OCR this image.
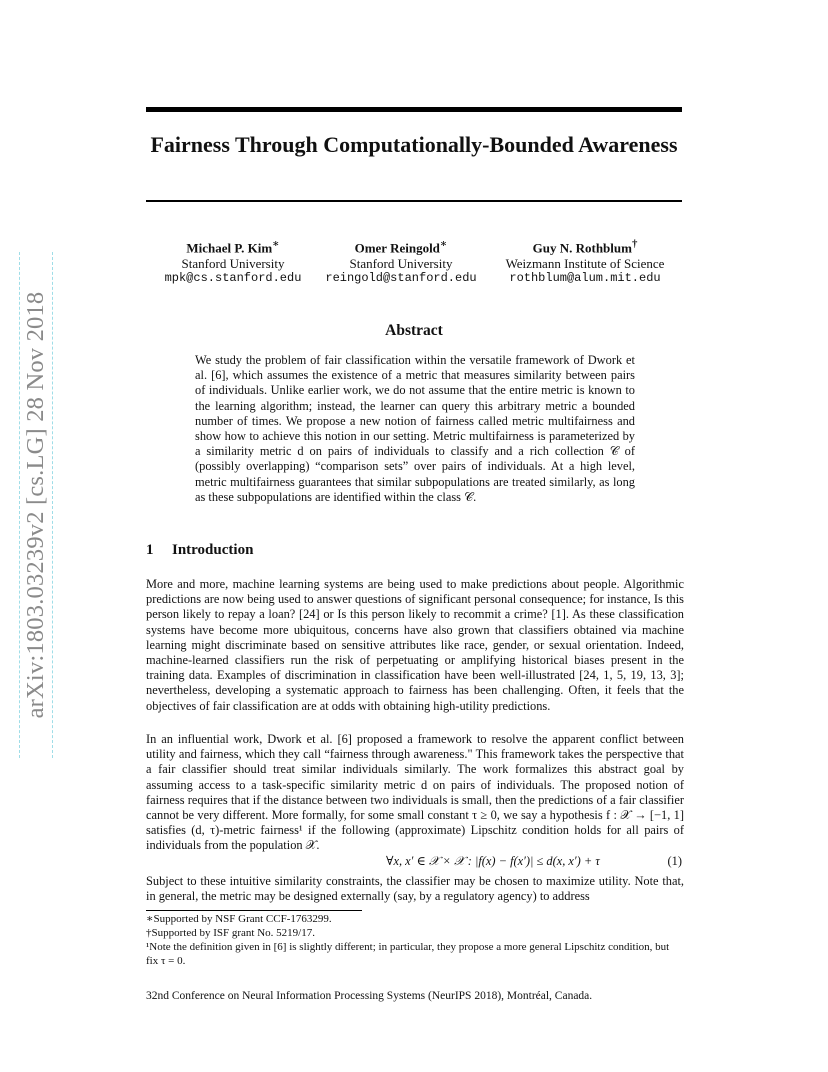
arXiv:1803.03239v2 [cs.LG] 28 Nov 2018
Fairness Through Computationally-Bounded Awareness
Michael P. Kim∗
Stanford University
mpk@cs.stanford.edu
Omer Reingold∗
Stanford University
reingold@stanford.edu
Guy N. Rothblum†
Weizmann Institute of Science
rothblum@alum.mit.edu
Abstract
We study the problem of fair classification within the versatile framework of Dwork et al. [6], which assumes the existence of a metric that measures similarity between pairs of individuals. Unlike earlier work, we do not assume that the entire metric is known to the learning algorithm; instead, the learner can query this arbitrary metric a bounded number of times. We propose a new notion of fairness called metric multifairness and show how to achieve this notion in our setting. Metric multifairness is parameterized by a similarity metric d on pairs of individuals to classify and a rich collection 𝒞 of (possibly overlapping) “comparison sets” over pairs of individuals. At a high level, metric multifairness guarantees that similar subpopulations are treated similarly, as long as these subpopulations are identified within the class 𝒞.
1 Introduction
More and more, machine learning systems are being used to make predictions about people. Algorithmic predictions are now being used to answer questions of significant personal consequence; for instance, Is this person likely to repay a loan? [24] or Is this person likely to recommit a crime? [1]. As these classification systems have become more ubiquitous, concerns have also grown that classifiers obtained via machine learning might discriminate based on sensitive attributes like race, gender, or sexual orientation. Indeed, machine-learned classifiers run the risk of perpetuating or amplifying historical biases present in the training data. Examples of discrimination in classification have been well-illustrated [24, 1, 5, 19, 13, 3]; nevertheless, developing a systematic approach to fairness has been challenging. Often, it feels that the objectives of fair classification are at odds with obtaining high-utility predictions.
In an influential work, Dwork et al. [6] proposed a framework to resolve the apparent conflict between utility and fairness, which they call “fairness through awareness." This framework takes the perspective that a fair classifier should treat similar individuals similarly. The work formalizes this abstract goal by assuming access to a task-specific similarity metric d on pairs of individuals. The proposed notion of fairness requires that if the distance between two individuals is small, then the predictions of a fair classifier cannot be very different. More formally, for some small constant τ ≥ 0, we say a hypothesis f : 𝒳 → [−1, 1] satisfies (d, τ)-metric fairness¹ if the following (approximate) Lipschitz condition holds for all pairs of individuals from the population 𝒳.
∀x, x′ ∈ 𝒳 × 𝒳 : |f(x) − f(x′)| ≤ d(x, x′) + τ	(1)
Subject to these intuitive similarity constraints, the classifier may be chosen to maximize utility. Note that, in general, the metric may be designed externally (say, by a regulatory agency) to address
∗Supported by NSF Grant CCF-1763299.
†Supported by ISF grant No. 5219/17.
¹Note the definition given in [6] is slightly different; in particular, they propose a more general Lipschitz condition, but fix τ = 0.
32nd Conference on Neural Information Processing Systems (NeurIPS 2018), Montréal, Canada.
